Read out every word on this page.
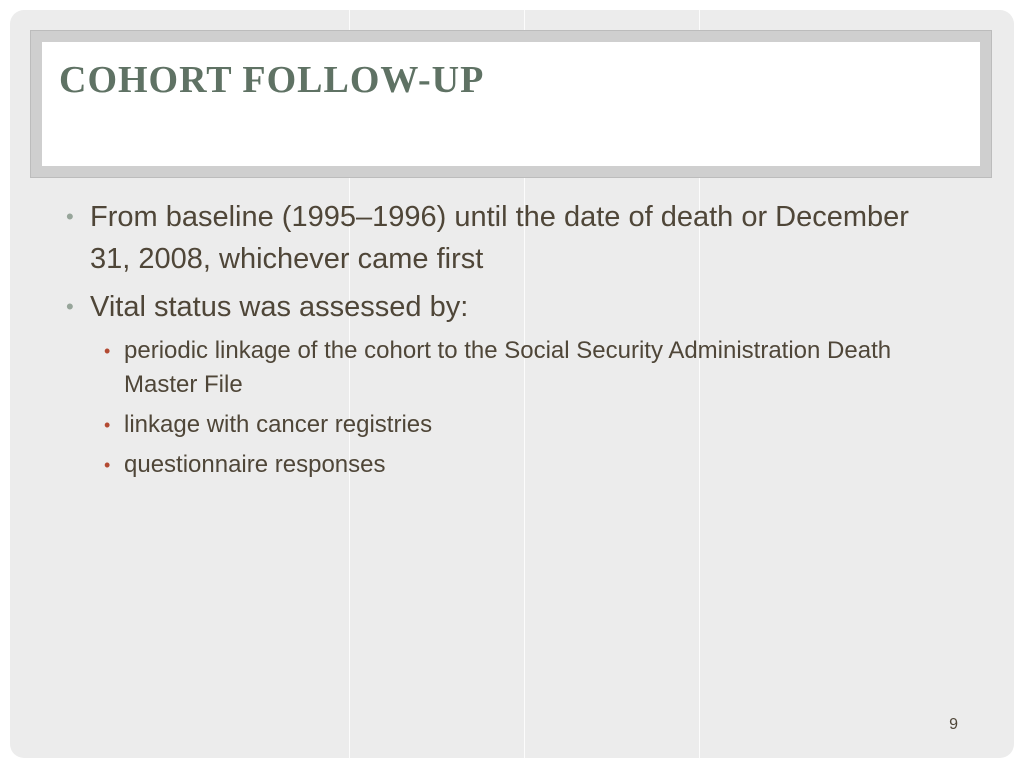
COHORT FOLLOW-UP
9
• From baseline (1995–1996) until the date of death or December 31, 2008, whichever came first
• Vital status was assessed by:
• periodic linkage of the cohort to the Social Security Administration Death Master File
• linkage with cancer registries
• questionnaire responses
